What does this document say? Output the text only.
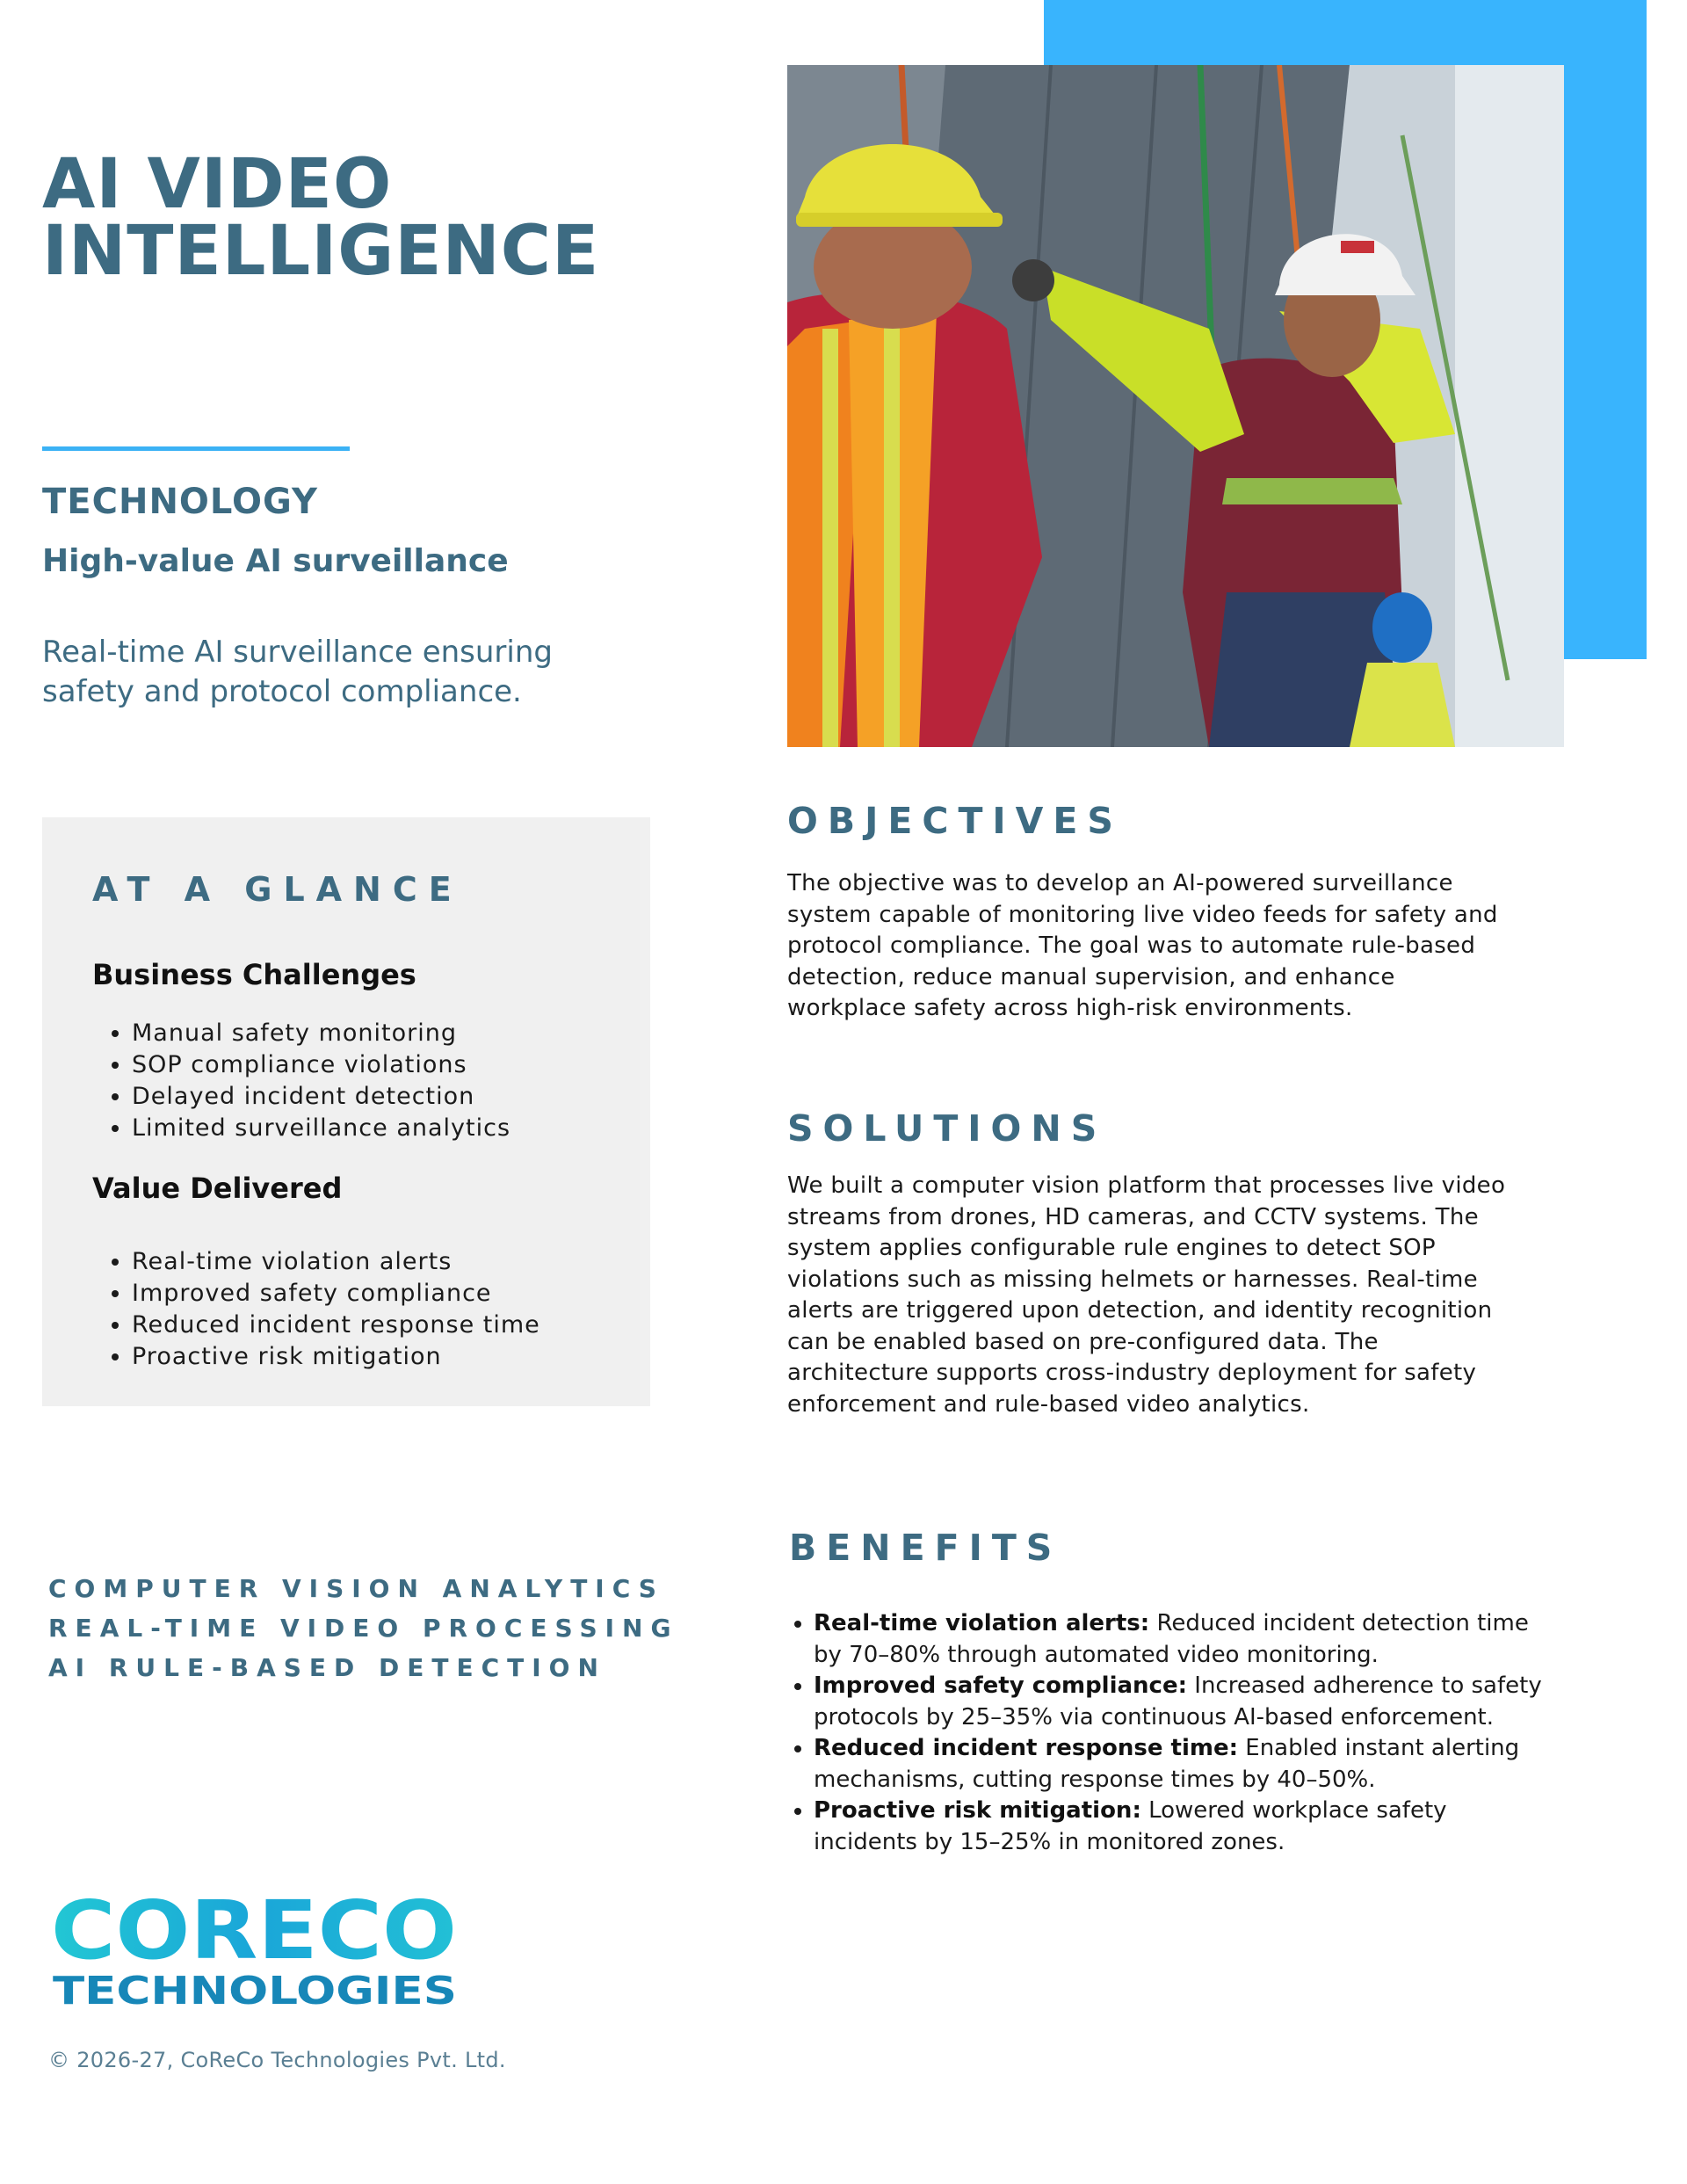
AI VIDEO
INTELLIGENCE
TECHNOLOGY
High-value AI surveillance

Real-time AI surveillance ensuring safety and protocol compliance.

AT A GLANCE
Business Challenges
• Manual safety monitoring
• SOP compliance violations
• Delayed incident detection
• Limited surveillance analytics
Value Delivered
• Real-time violation alerts
• Improved safety compliance
• Reduced incident response time
• Proactive risk mitigation
COMPUTER VISION ANALYTICS
REAL-TIME VIDEO PROCESSING
AI RULE-BASED DETECTION
CORECO
TECHNOLOGIES
© 2026-27, CoReCo Technologies Pvt. Ltd.
OBJECTIVES

The objective was to develop an AI-powered surveillance system capable of monitoring live video feeds for safety and protocol compliance. The goal was to automate rule-based detection, reduce manual supervision, and enhance workplace safety across high-risk environments.

SOLUTIONS

We built a computer vision platform that processes live video streams from drones, HD cameras, and CCTV systems. The system applies configurable rule engines to detect SOP violations such as missing helmets or harnesses. Real-time alerts are triggered upon detection, and identity recognition can be enabled based on pre-configured data. The architecture supports cross-industry deployment for safety enforcement and rule-based video analytics.

BENEFITS
• Real-time violation alerts: Reduced incident detection time by 70–80% through automated video monitoring.
• Improved safety compliance: Increased adherence to safety protocols by 25–35% via continuous AI-based enforcement.
• Reduced incident response time: Enabled instant alerting mechanisms, cutting response times by 40–50%.
• Proactive risk mitigation: Lowered workplace safety incidents by 15–25% in monitored zones.
